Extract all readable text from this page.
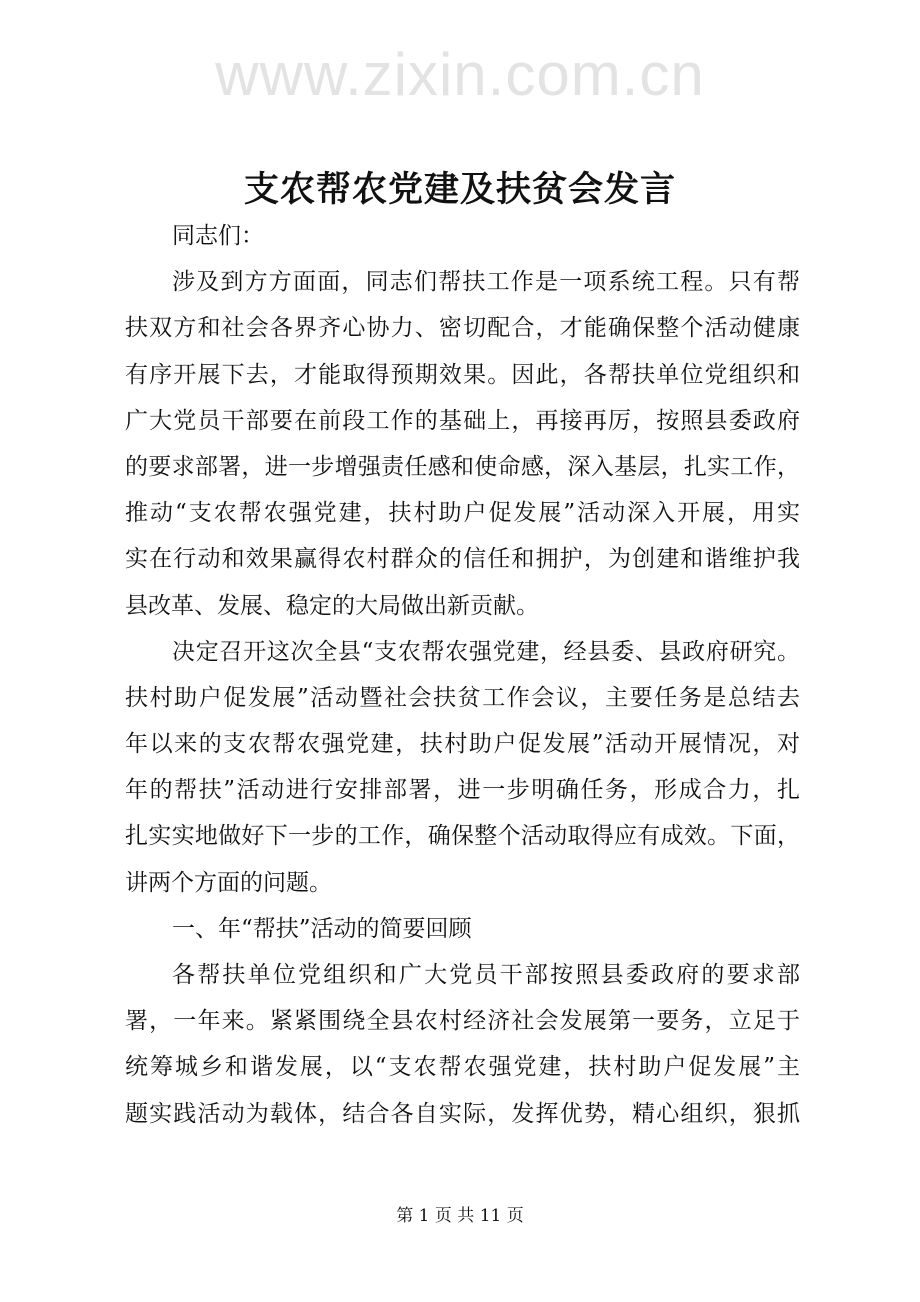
www.zixin.com.cn
支农帮农党建及扶贫会发言
同志们：
涉及到方方面面，同志们帮扶工作是一项系统工程。只有帮
扶双方和社会各界齐心协力、密切配合，才能确保整个活动健康
有序开展下去，才能取得预期效果。因此，各帮扶单位党组织和
广大党员干部要在前段工作的基础上，再接再厉，按照县委政府
的要求部署，进一步增强责任感和使命感，深入基层，扎实工作，
推动“支农帮农强党建，扶村助户促发展”活动深入开展，用实
实在行动和效果赢得农村群众的信任和拥护，为创建和谐维护我
县改革、发展、稳定的大局做出新贡献。
决定召开这次全县“支农帮农强党建，经县委、县政府研究。
扶村助户促发展”活动暨社会扶贫工作会议，主要任务是总结去
年以来的支农帮农强党建，扶村助户促发展”活动开展情况，对
年的帮扶”活动进行安排部署，进一步明确任务，形成合力，扎
扎实实地做好下一步的工作，确保整个活动取得应有成效。下面，
讲两个方面的问题。
一、年“帮扶”活动的简要回顾
各帮扶单位党组织和广大党员干部按照县委政府的要求部
署，一年来。紧紧围绕全县农村经济社会发展第一要务，立足于
统筹城乡和谐发展，以“支农帮农强党建，扶村助户促发展”主
题实践活动为载体，结合各自实际，发挥优势，精心组织，狠抓
第 1 页 共 11 页
